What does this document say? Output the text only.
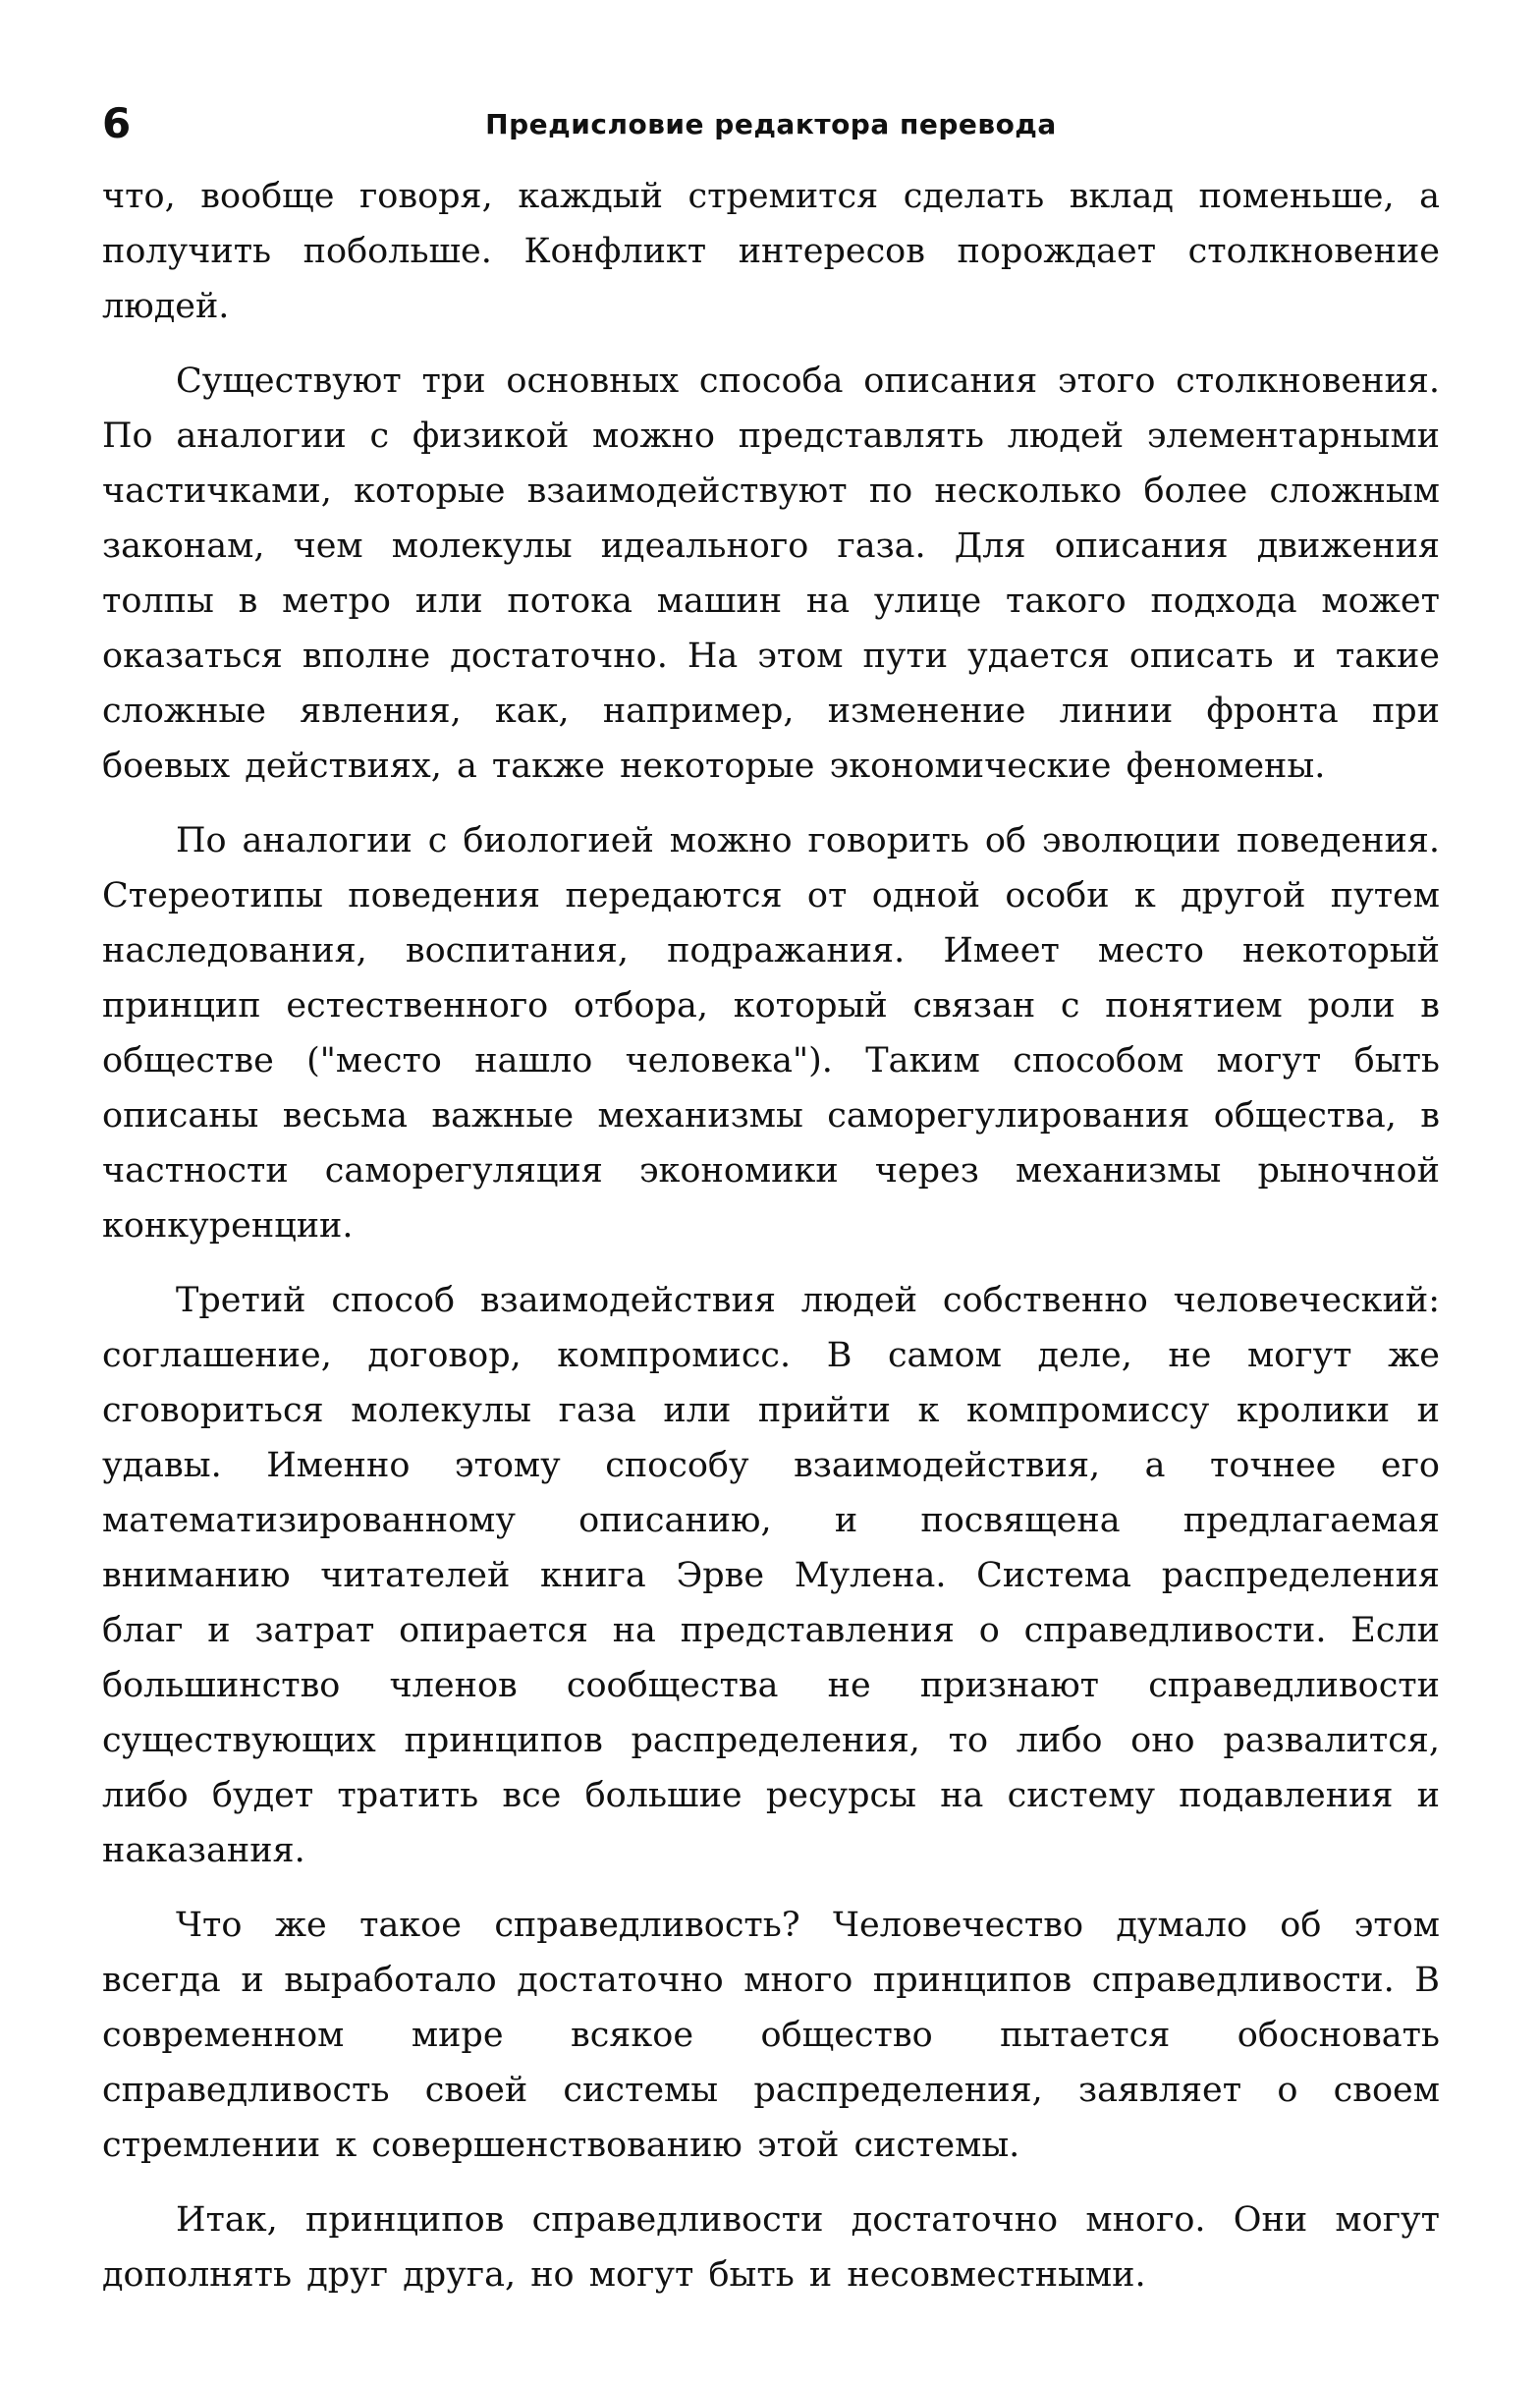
6	Предисловие редактора перевода

что, вообще говоря, каждый стремится сделать вклад поменьше, а получить побольше. Конфликт интересов порождает столкновение людей.

Существуют три основных способа описания этого столкновения. По аналогии с физикой можно представлять людей элементарными частичками, которые взаимодействуют по несколько более сложным законам, чем молекулы идеального газа. Для описания движения толпы в метро или потока машин на улице такого подхода может оказаться вполне достаточно. На этом пути удается описать и такие сложные явления, как, например, изменение линии фронта при боевых действиях, а также некоторые экономические феномены.

По аналогии с биологией можно говорить об эволюции поведения. Стереотипы поведения передаются от одной особи к другой путем наследования, воспитания, подражания. Имеет место некоторый принцип естественного отбора, который связан с понятием роли в обществе ("место нашло человека"). Таким способом могут быть описаны весьма важные механизмы саморегулирования общества, в частности саморегуляция экономики через механизмы рыночной конкуренции.

Третий способ взаимодействия людей собственно человеческий: соглашение, договор, компромисс. В самом деле, не могут же сговориться молекулы газа или прийти к компромиссу кролики и удавы. Именно этому способу взаимодействия, а точнее его математизированному описанию, и посвящена предлагаемая вниманию читателей книга Эрве Мулена. Система распределения благ и затрат опирается на представления о справедливости. Если большинство членов сообщества не признают справедливости существующих принципов распределения, то либо оно развалится, либо будет тратить все большие ресурсы на систему подавления и наказания.

Что же такое справедливость? Человечество думало об этом всегда и выработало достаточно много принципов справедливости. В современном мире всякое общество пытается обосновать справедливость своей системы распределения, заявляет о своем стремлении к совершенствованию этой системы.

Итак, принципов справедливости достаточно много. Они могут дополнять друг друга, но могут быть и несовместными.
